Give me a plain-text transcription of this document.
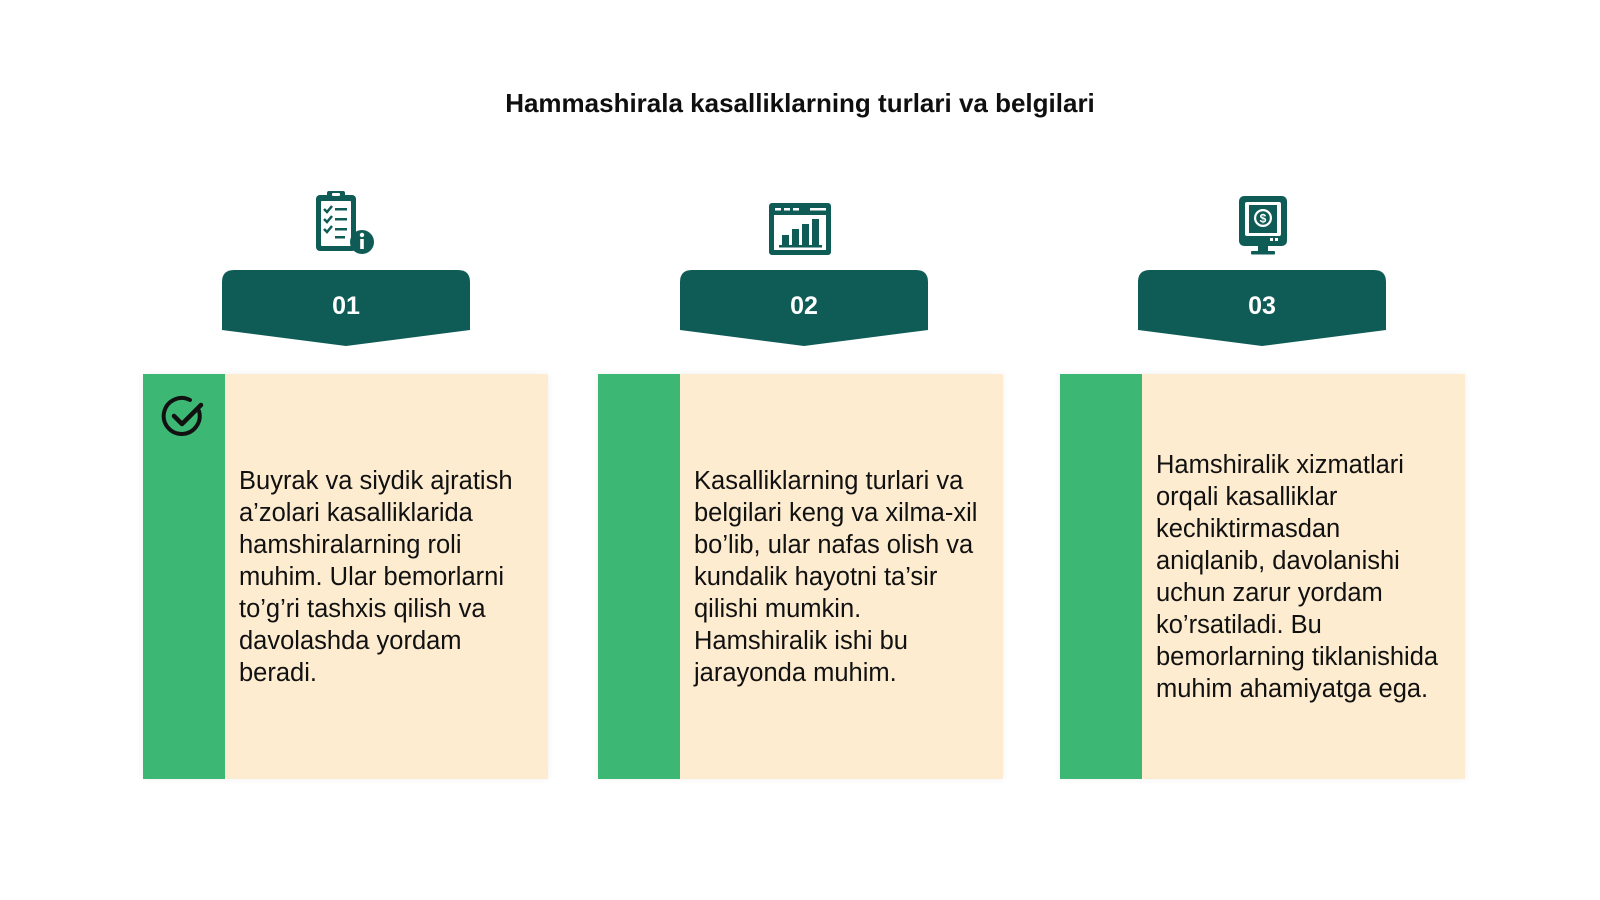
Hammashirala kasalliklarning turlari va belgilari
01
Buyrak va siydik ajratish a’zolari kasalliklarida hamshiralarning roli muhim. Ular bemorlarni to’g’ri tashxis qilish va davolashda yordam beradi.
02
Kasalliklarning turlari va belgilari keng va xilma-xil bo’lib, ular nafas olish va kundalik hayotni ta’sir qilishi mumkin. Hamshiralik ishi bu jarayonda muhim.
$
03
Hamshiralik xizmatlari orqali kasalliklar kechiktirmasdan aniqlanib, davolanishi uchun zarur yordam ko’rsatiladi. Bu bemorlarning tiklanishida muhim ahamiyatga ega.
